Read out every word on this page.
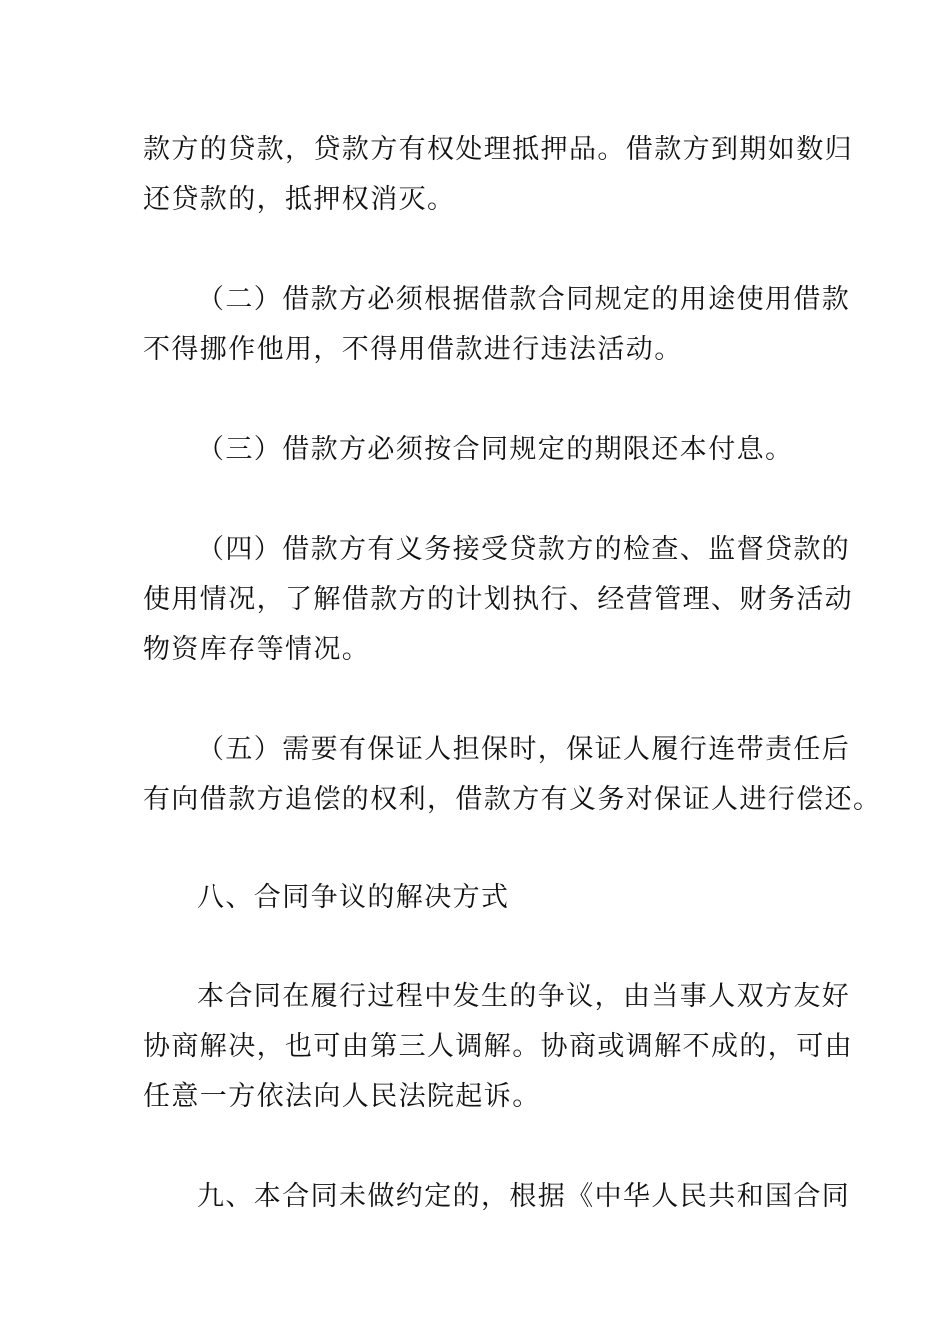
款方的贷款，贷款方有权处理抵押品。借款方到期如数归
还贷款的，抵押权消灭。
（二）借款方必须根据借款合同规定的用途使用借款
不得挪作他用，不得用借款进行违法活动。
（三）借款方必须按合同规定的期限还本付息。
（四）借款方有义务接受贷款方的检查、监督贷款的
使用情况，了解借款方的计划执行、经营管理、财务活动
物资库存等情况。
（五）需要有保证人担保时，保证人履行连带责任后
有向借款方追偿的权利，借款方有义务对保证人进行偿还。
八、合同争议的解决方式
本合同在履行过程中发生的争议，由当事人双方友好
协商解决，也可由第三人调解。协商或调解不成的，可由
任意一方依法向人民法院起诉。
九、本合同未做约定的，根据《中华人民共和国合同
